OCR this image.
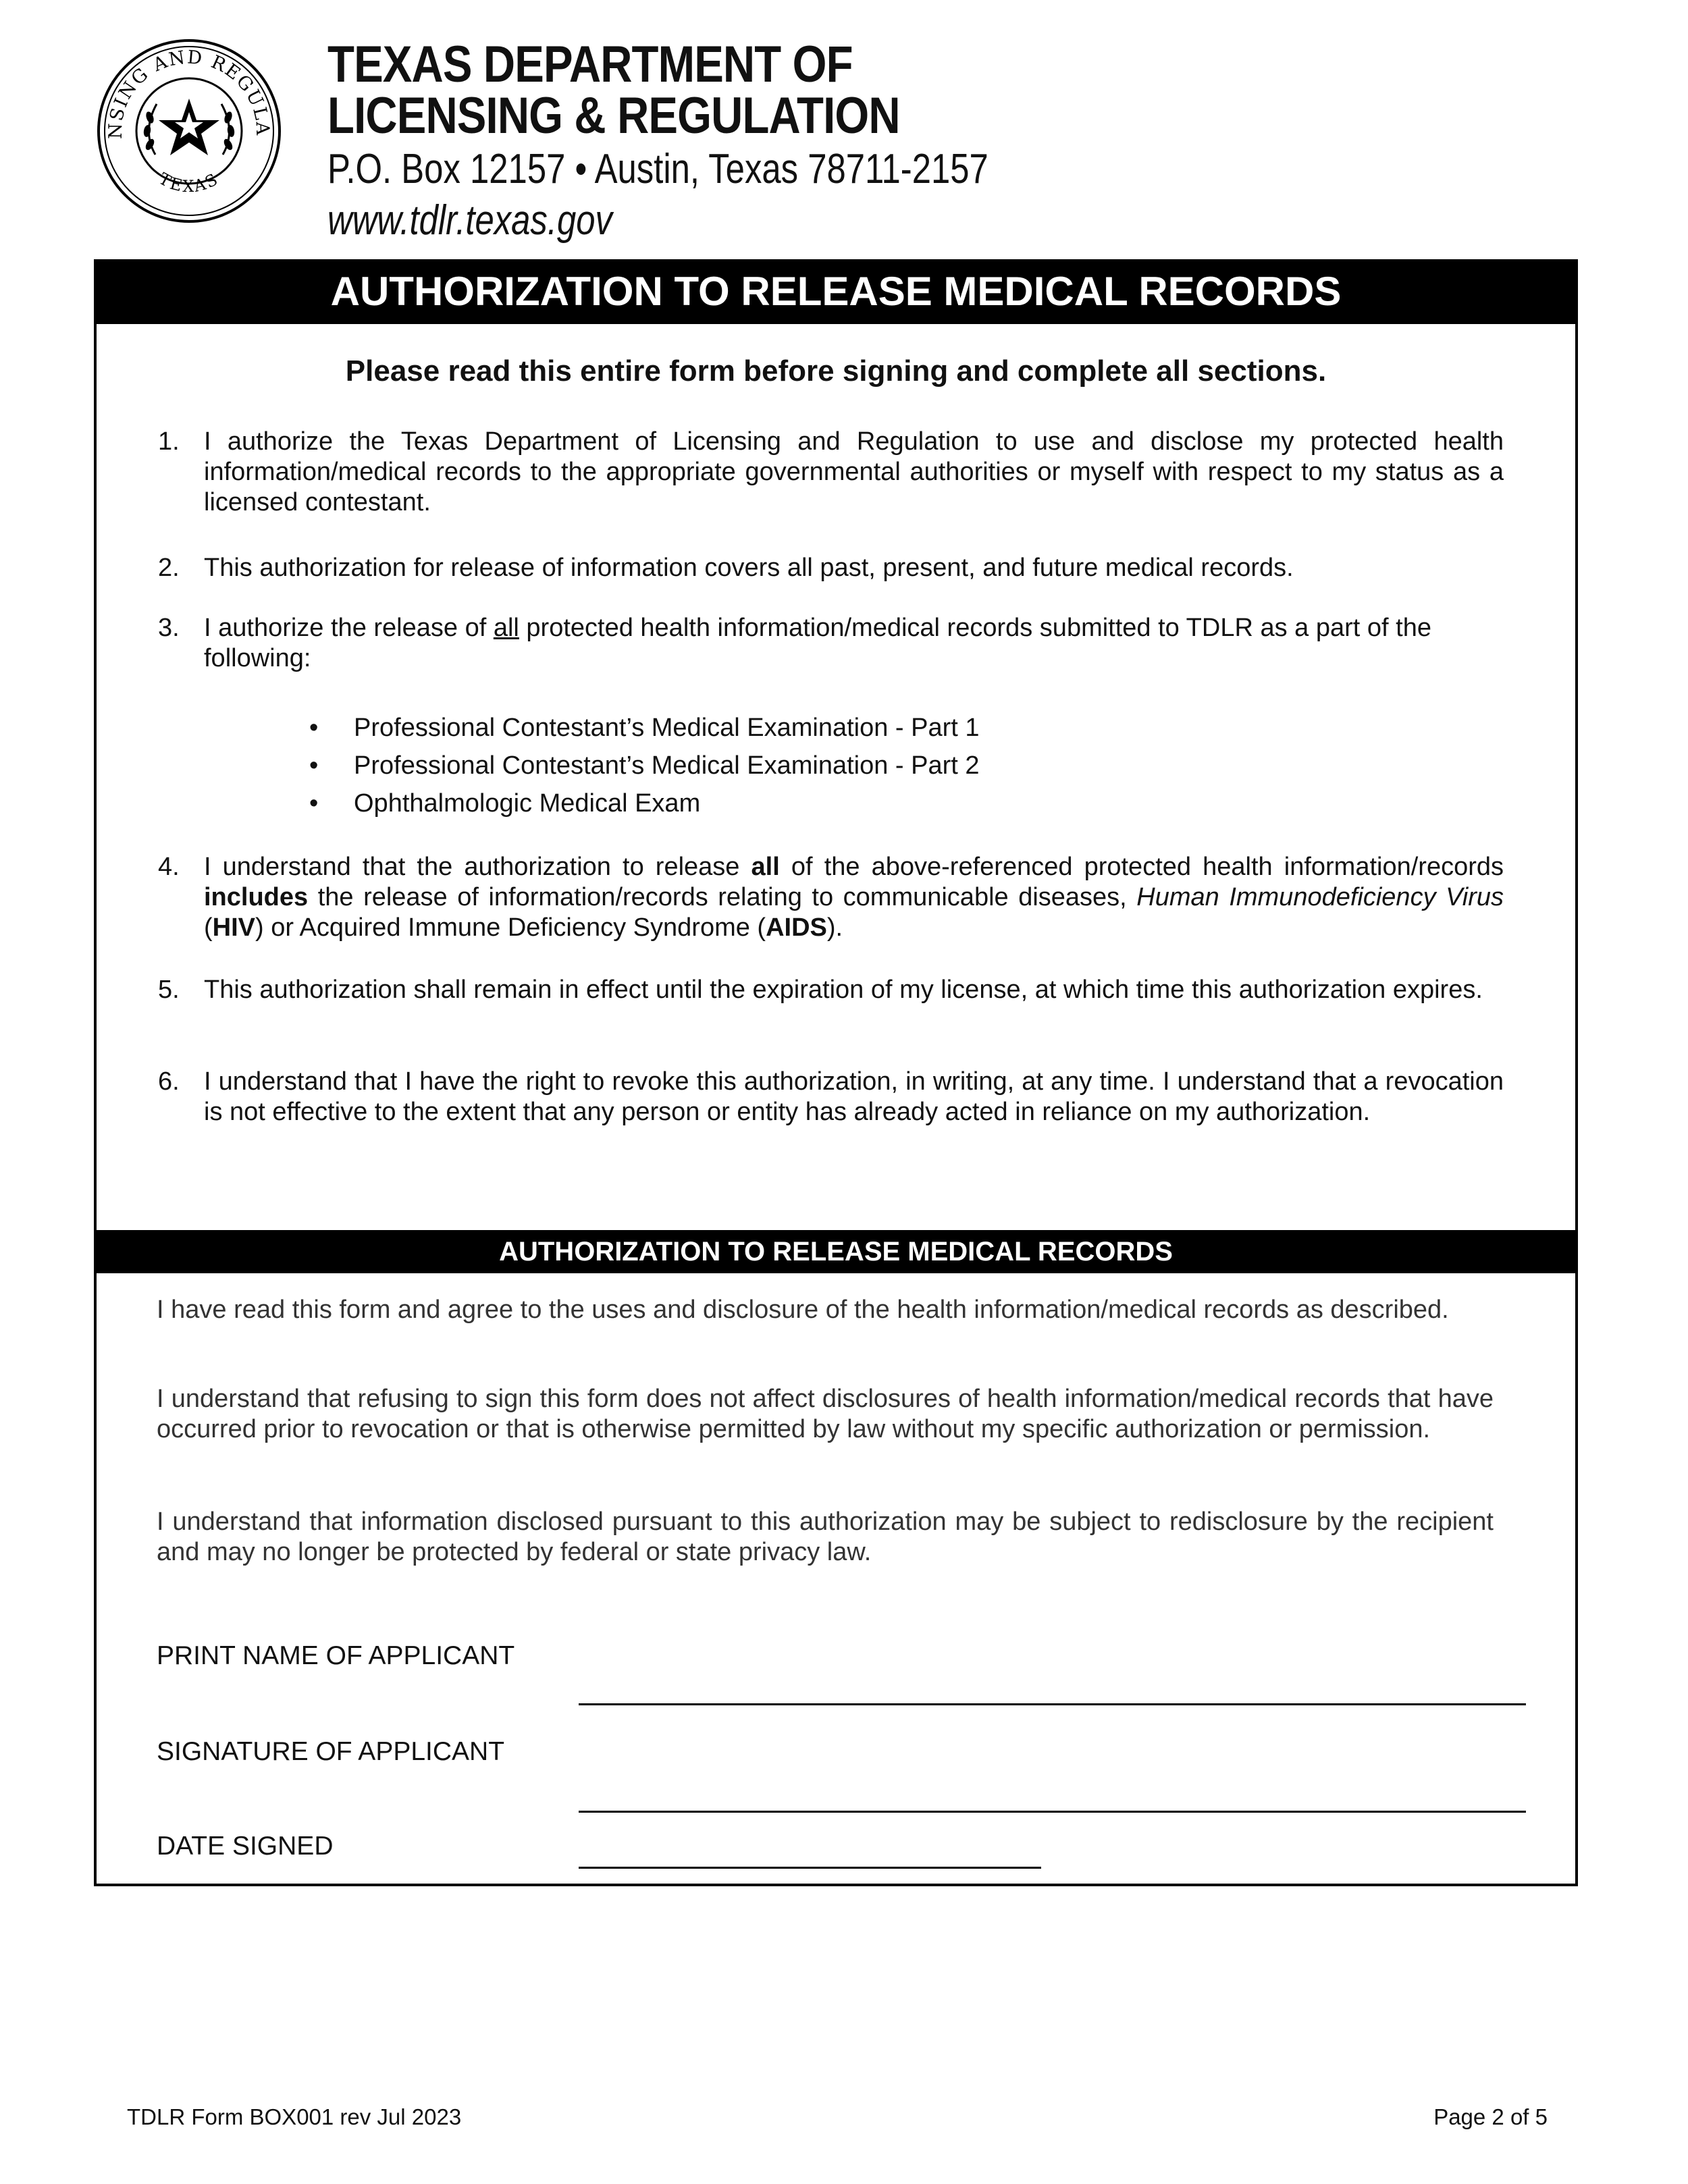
NSING AND REGULA
TEXAS
TEXAS DEPARTMENT OF
LICENSING & REGULATION
P.O. Box 12157 • Austin, Texas 78711-2157
www.tdlr.texas.gov
AUTHORIZATION TO RELEASE MEDICAL RECORDS
Please read this entire form before signing and complete all sections.
1. I authorize the Texas Department of Licensing and Regulation to use and disclose my protected health information/medical records to the appropriate governmental authorities or myself with respect to my status as a licensed contestant.
2. This authorization for release of information covers all past, present, and future medical records.
3. I authorize the release of all protected health information/medical records submitted to TDLR as a part of the following:
• Professional Contestant’s Medical Examination - Part 1
• Professional Contestant’s Medical Examination - Part 2
• Ophthalmologic Medical Exam
4. I understand that the authorization to release all of the above-referenced protected health information/records includes the release of information/records relating to communicable diseases, Human Immunodeficiency Virus (HIV) or Acquired Immune Deficiency Syndrome (AIDS).
5. This authorization shall remain in effect until the expiration of my license, at which time this authorization expires.
6. I understand that I have the right to revoke this authorization, in writing, at any time. I understand that a revocation is not effective to the extent that any person or entity has already acted in reliance on my authorization.
AUTHORIZATION TO RELEASE MEDICAL RECORDS
I have read this form and agree to the uses and disclosure of the health information/medical records as described.
I understand that refusing to sign this form does not affect disclosures of health information/medical records that have occurred prior to revocation or that is otherwise permitted by law without my specific authorization or permission.
I understand that information disclosed pursuant to this authorization may be subject to redisclosure by the recipient and may no longer be protected by federal or state privacy law.
PRINT NAME OF APPLICANT
SIGNATURE OF APPLICANT
DATE SIGNED
TDLR Form BOX001 rev Jul 2023	Page 2 of 5
